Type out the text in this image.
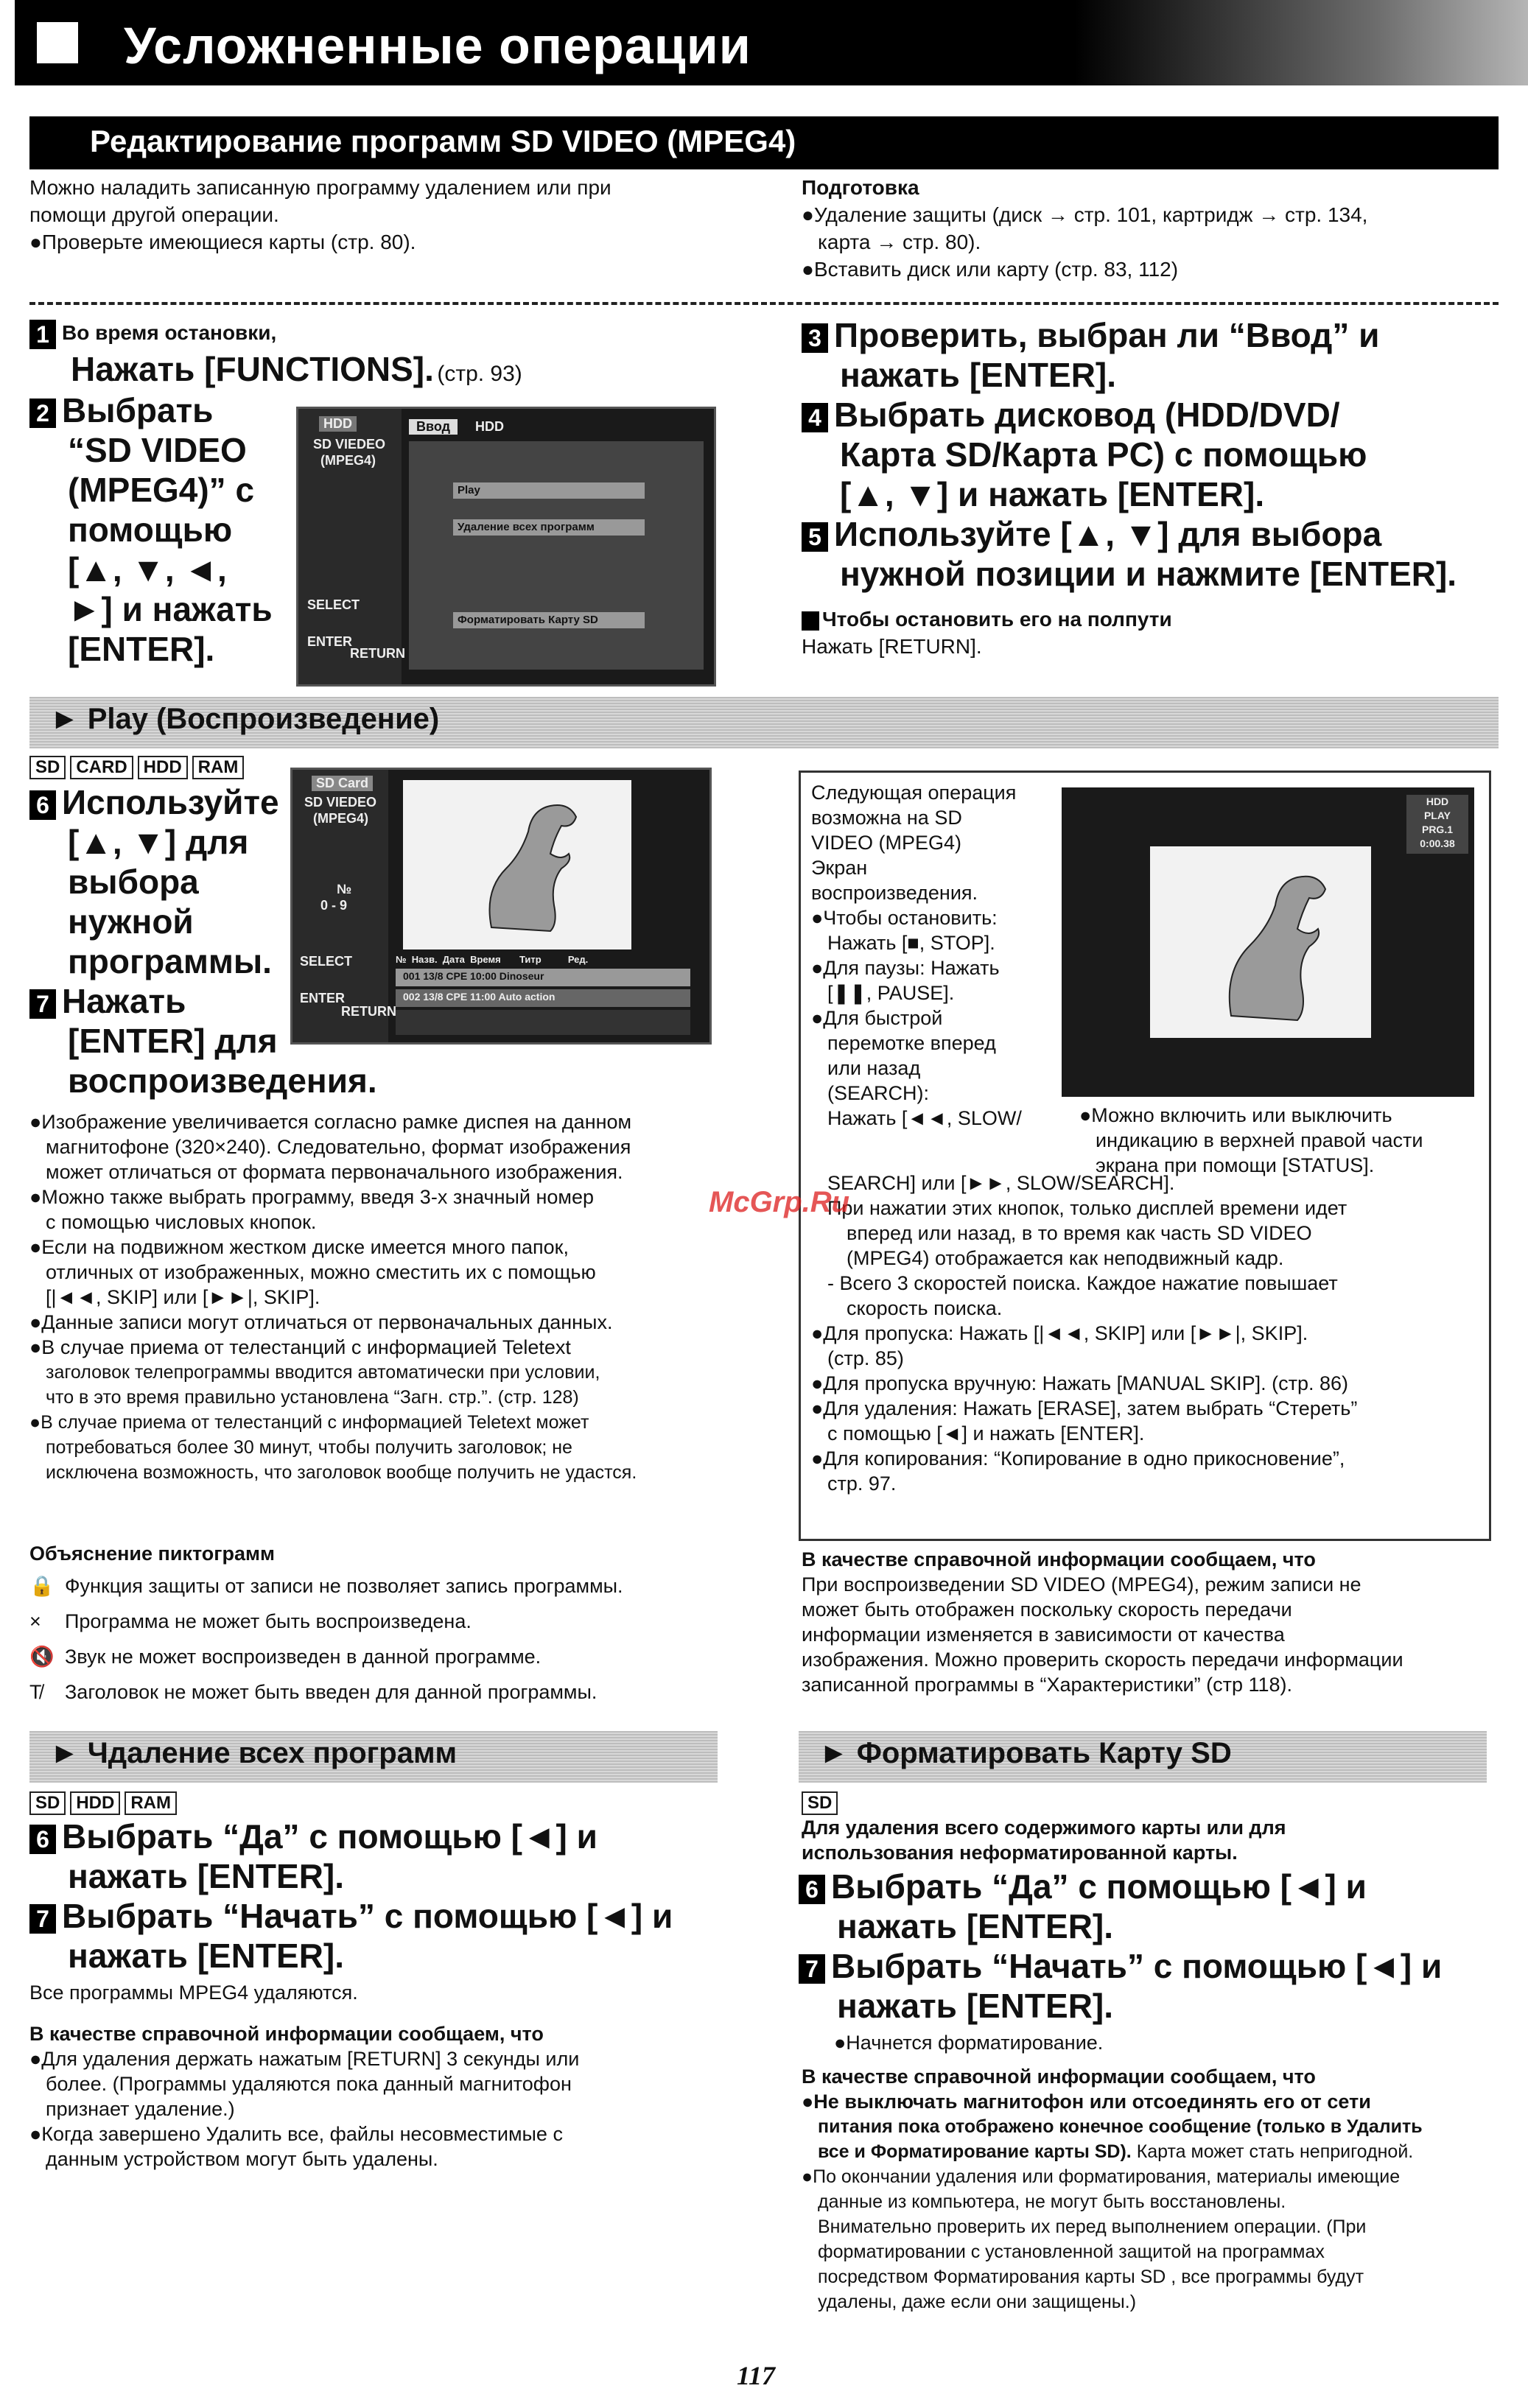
Усложненные операции
Редактирование программ SD VIDEO (MPEG4)
Можно наладить записанную программу удалением или при
помощи другой операции.
●Проверьте имеющиеся карты (стр. 80).
Подготовка
●Удаление защиты (диск → стр. 101, картридж → стр. 134,
карта → стр. 80).
●Вставить диск или карту (стр. 83, 112)
1 Во время остановки,
Нажать [FUNCTIONS]. (стр. 93)
2 Выбрать
“SD VIDEO
(MPEG4)” с
помощью
[▲, ▼, ◄,
►] и нажать
[ENTER].
HDD
SD VIEDEO
(MPEG4)
Ввод	HDD
Play
Удаление всех программ
Форматировать Карту SD
SELECT
ENTER
RETURN
3 Проверить, выбран ли “Ввод” и
нажать [ENTER].
4 Выбрать дисковод (HDD/DVD/
Карта SD/Карта PC) с помощью
[▲, ▼] и нажать [ENTER].
5 Используйте [▲, ▼] для выбора
нужной позиции и нажмите [ENTER].
Чтобы остановить его на полпути
Нажать [RETURN].
► Play (Воспроизведение)
SD CARD HDD RAM
6 Используйте
[▲, ▼] для
выбора
нужной
программы.
7 Нажать
[ENTER] для
воспроизведения.
SD Card
SD VIEDEO
(MPEG4)
№
0 - 9
№  Назв.  Дата  Время       Титр          Ред.
001 13/8 CPE 10:00 Dinoseur
002 13/8 CPE 11:00 Auto action
SELECT
ENTER
RETURN
●Изображение увеличивается согласно рамке диспея на данном
магнитофоне (320×240). Следовательно, формат изображения
может отличаться от формата первоначального изображения.
●Можно также выбрать программу, введя 3-х значный номер
с помощью числовых кнопок.
●Если на подвижном жестком диске имеется много папок,
отличных от изображенных, можно сместить их с помощью
[|◄◄, SKIP] или [►►|, SKIP].
●Данные записи могут отличаться от первоначальных данных.
●В случае приема от телестанций с информацией Teletext
заголовок телепрограммы вводится автоматически при условии,
что в это время правильно установлена “Загн. стр.”. (стр. 128)
●В случае приема от телестанций с информацией Teletext может
потребоваться более 30 минут, чтобы получить заголовок; не
исключена возможность, что заголовок вообще получить не удастся.
Объяснение пиктограмм
🔒 Функция защиты от записи не позволяет запись программы.
× Программа не может быть воспроизведена.
🔇 Звук не может воспроизведен в данной программе.
T̸ Заголовок не может быть введен для данной программы.
Следующая операция
возможна на SD
VIDEO (MPEG4)
Экран
воспроизведения.
●Чтобы остановить:
Нажать [■, STOP].
●Для паузы: Нажать
[❚❚, PAUSE].
●Для быстрой
перемотке вперед
или назад
(SEARCH):
Нажать [◄◄, SLOW/
HDD
PLAY
PRG.1
0:00.38
●Можно включить или выключить
индикацию в верхней правой части
экрана при помощи [STATUS].
SEARCH] или [►►, SLOW/SEARCH].
При нажатии этих кнопок, только дисплей времени идет
вперед или назад, в то время как часть SD VIDEO
(MPEG4) отображается как неподвижный кадр.
- Всего 3 скоростей поиска. Каждое нажатие повышает
скорость поиска.
●Для пропуска: Нажать [|◄◄, SKIP] или [►►|, SKIP].
(стр. 85)
●Для пропуска вручную: Нажать [MANUAL SKIP]. (стр. 86)
●Для удаления: Нажать [ERASE], затем выбрать “Стереть”
с помощью [◄] и нажать [ENTER].
●Для копирования: “Копирование в одно прикосновение”,
стр. 97.
В качестве справочной информации сообщаем, что
При воспроизведении SD VIDEO (MPEG4), режим записи не
может быть отображен поскольку скорость передачи
информации изменяется в зависимости от качества
изображения. Можно проверить скорость передачи информации
записанной программы в “Характеристики” (стр 118).
► Чдаление всех программ
SD HDD RAM
6 Выбрать “Да” с помощью [◄] и
нажать [ENTER].
7 Выбрать “Начать” с помощью [◄] и
нажать [ENTER].
Все программы MPEG4 удаляются.
В качестве справочной информации сообщаем, что
●Для удаления держать нажатым [RETURN] 3 секунды или
более. (Программы удаляются пока данный магнитофон
признает удаление.)
●Когда завершено Удалить все, файлы несовместимые с
данным устройством могут быть удалены.
► Форматировать Карту SD
SD
Для удаления всего содержимого карты или для
использования неформатированной карты.
6 Выбрать “Да” с помощью [◄] и
нажать [ENTER].
7 Выбрать “Начать” с помощью [◄] и
нажать [ENTER].
●Начнется форматирование.
В качестве справочной информации сообщаем, что
●Не выключать магнитофон или отсоединять его от сети
питания пока отображено конечное сообщение (только в Удалить
все и Форматирование карты SD). Карта может стать непригодной.
●По окончании удаления или форматирования, материалы имеющие
данные из компьютера, не могут быть восстановлены.
Внимательно проверить их перед выполнением операции. (При
форматировании с установленной защитой на программах
посредством Форматирования карты SD , все программы будут
удалены, даже если они защищены.)
McGrp.Ru
117
